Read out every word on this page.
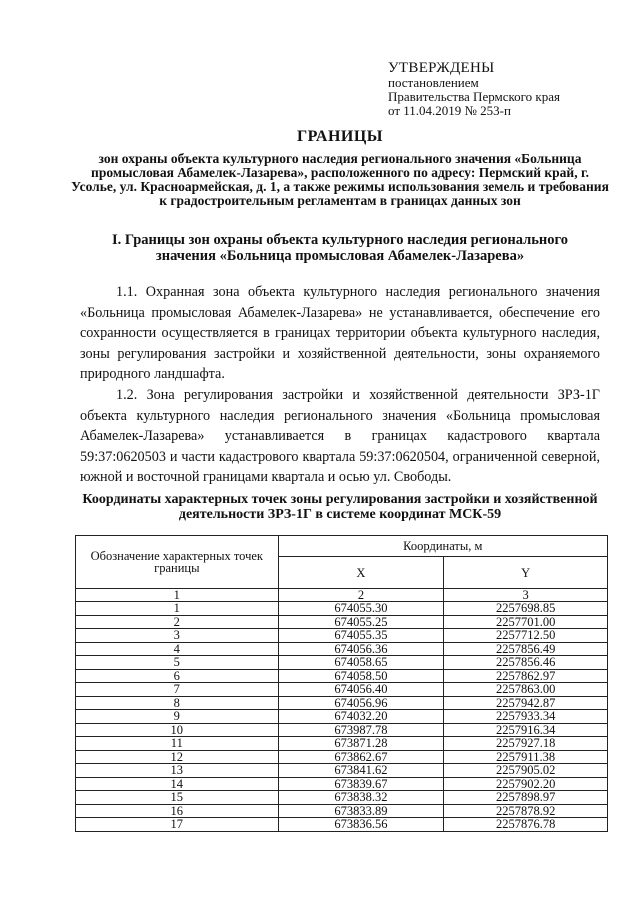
УТВЕРЖДЕНЫ
постановлением
Правительства Пермского края
от 11.04.2019 № 253-п
ГРАНИЦЫ
зон охраны объекта культурного наследия регионального значения «Больница промысловая Абамелек-Лазарева», расположенного по адресу: Пермский край, г. Усолье, ул. Красноармейская, д. 1, а также режимы использования земель и требования к градостроительным регламентам в границах данных зон
I. Границы зон охраны объекта культурного наследия регионального значения «Больница промысловая Абамелек-Лазарева»
1.1. Охранная зона объекта культурного наследия регионального значения «Больница промысловая Абамелек-Лазарева» не устанавливается, обеспечение его сохранности осуществляется в границах территории объекта культурного наследия, зоны регулирования застройки и хозяйственной деятельности, зоны охраняемого природного ландшафта.
1.2. Зона регулирования застройки и хозяйственной деятельности ЗРЗ-1Г объекта культурного наследия регионального значения «Больница промысловая Абамелек-Лазарева» устанавливается в границах кадастрового квартала 59:37:0620503 и части кадастрового квартала 59:37:0620504, ограниченной северной, южной и восточной границами квартала и осью ул. Свободы.
Координаты характерных точек зоны регулирования застройки и хозяйственной деятельности ЗРЗ-1Г в системе координат МСК-59
Обозначение характерных точек границы	Координаты, м	
	X	Y
1	2	3
1	674055.30	2257698.85
2	674055.25	2257701.00
3	674055.35	2257712.50
4	674056.36	2257856.49
5	674058.65	2257856.46
6	674058.50	2257862.97
7	674056.40	2257863.00
8	674056.96	2257942.87
9	674032.20	2257933.34
10	673987.78	2257916.34
11	673871.28	2257927.18
12	673862.67	2257911.38
13	673841.62	2257905.02
14	673839.67	2257902.20
15	673838.32	2257898.97
16	673833.89	2257878.92
17	673836.56	2257876.78
